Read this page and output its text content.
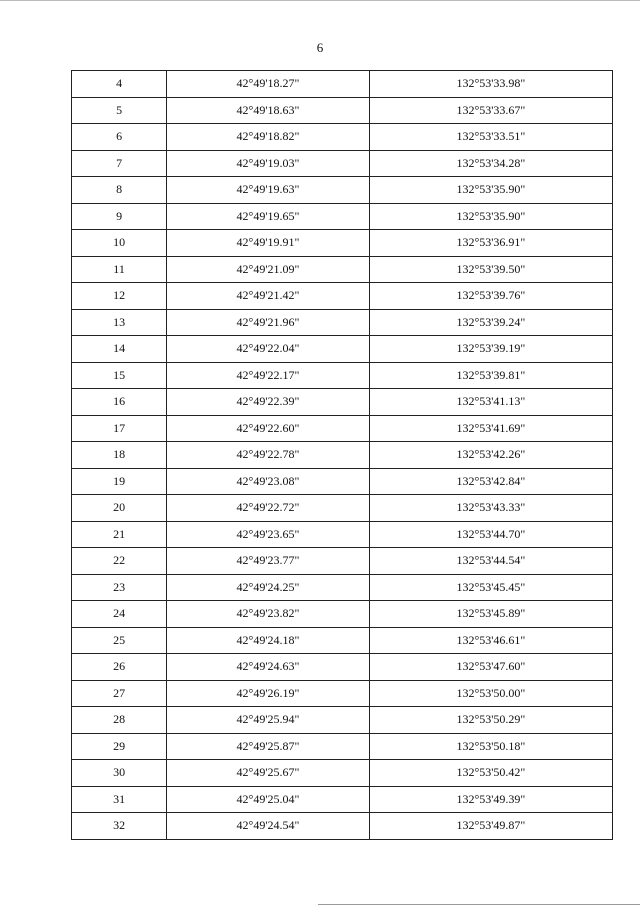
6
4	42°49'18.27"	132°53'33.98"
5	42°49'18.63"	132°53'33.67"
6	42°49'18.82"	132°53'33.51"
7	42°49'19.03"	132°53'34.28"
8	42°49'19.63"	132°53'35.90"
9	42°49'19.65"	132°53'35.90"
10	42°49'19.91"	132°53'36.91"
11	42°49'21.09"	132°53'39.50"
12	42°49'21.42"	132°53'39.76"
13	42°49'21.96"	132°53'39.24"
14	42°49'22.04"	132°53'39.19"
15	42°49'22.17"	132°53'39.81"
16	42°49'22.39"	132°53'41.13"
17	42°49'22.60"	132°53'41.69"
18	42°49'22.78"	132°53'42.26"
19	42°49'23.08"	132°53'42.84"
20	42°49'22.72"	132°53'43.33"
21	42°49'23.65"	132°53'44.70"
22	42°49'23.77"	132°53'44.54"
23	42°49'24.25"	132°53'45.45"
24	42°49'23.82"	132°53'45.89"
25	42°49'24.18"	132°53'46.61"
26	42°49'24.63"	132°53'47.60"
27	42°49'26.19"	132°53'50.00"
28	42°49'25.94"	132°53'50.29"
29	42°49'25.87"	132°53'50.18"
30	42°49'25.67"	132°53'50.42"
31	42°49'25.04"	132°53'49.39"
32	42°49'24.54"	132°53'49.87"
